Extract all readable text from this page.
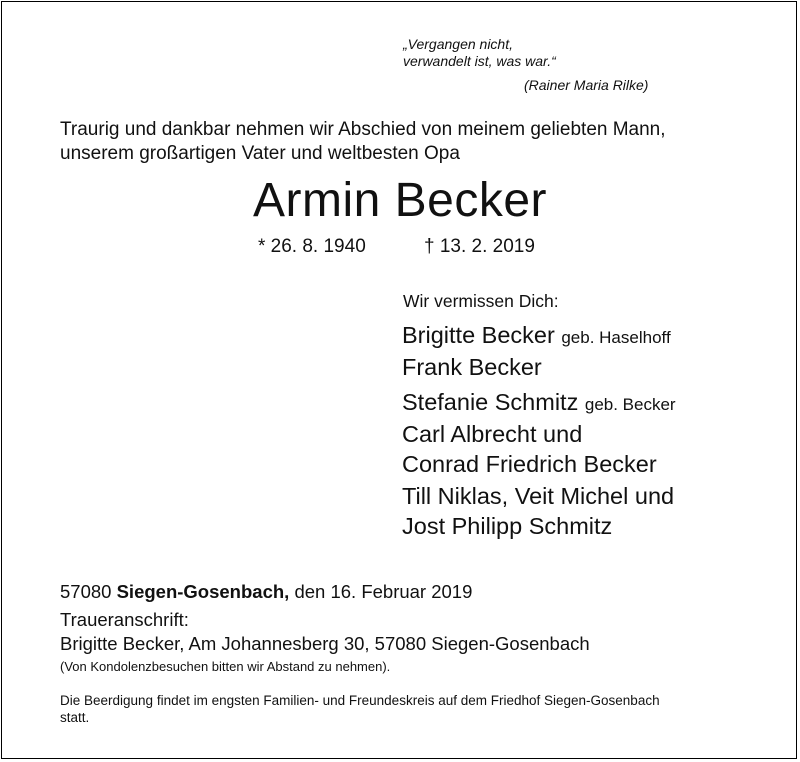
„Vergangen nicht,
verwandelt ist, was war.“
(Rainer Maria Rilke)
Traurig und dankbar nehmen wir Abschied von meinem geliebten Mann,
unserem großartigen Vater und weltbesten Opa
Armin Becker
* 26. 8. 1940	† 13. 2. 2019
Wir vermissen Dich:
Brigitte Becker geb. Haselhoff
Frank Becker
Stefanie Schmitz geb. Becker
Carl Albrecht und
Conrad Friedrich Becker
Till Niklas, Veit Michel und
Jost Philipp Schmitz
57080 Siegen-Gosenbach, den 16. Februar 2019
Traueranschrift:
Brigitte Becker, Am Johannesberg 30, 57080 Siegen-Gosenbach
(Von Kondolenzbesuchen bitten wir Abstand zu nehmen).
Die Beerdigung findet im engsten Familien- und Freundeskreis auf dem Friedhof Siegen-Gosenbach
statt.
